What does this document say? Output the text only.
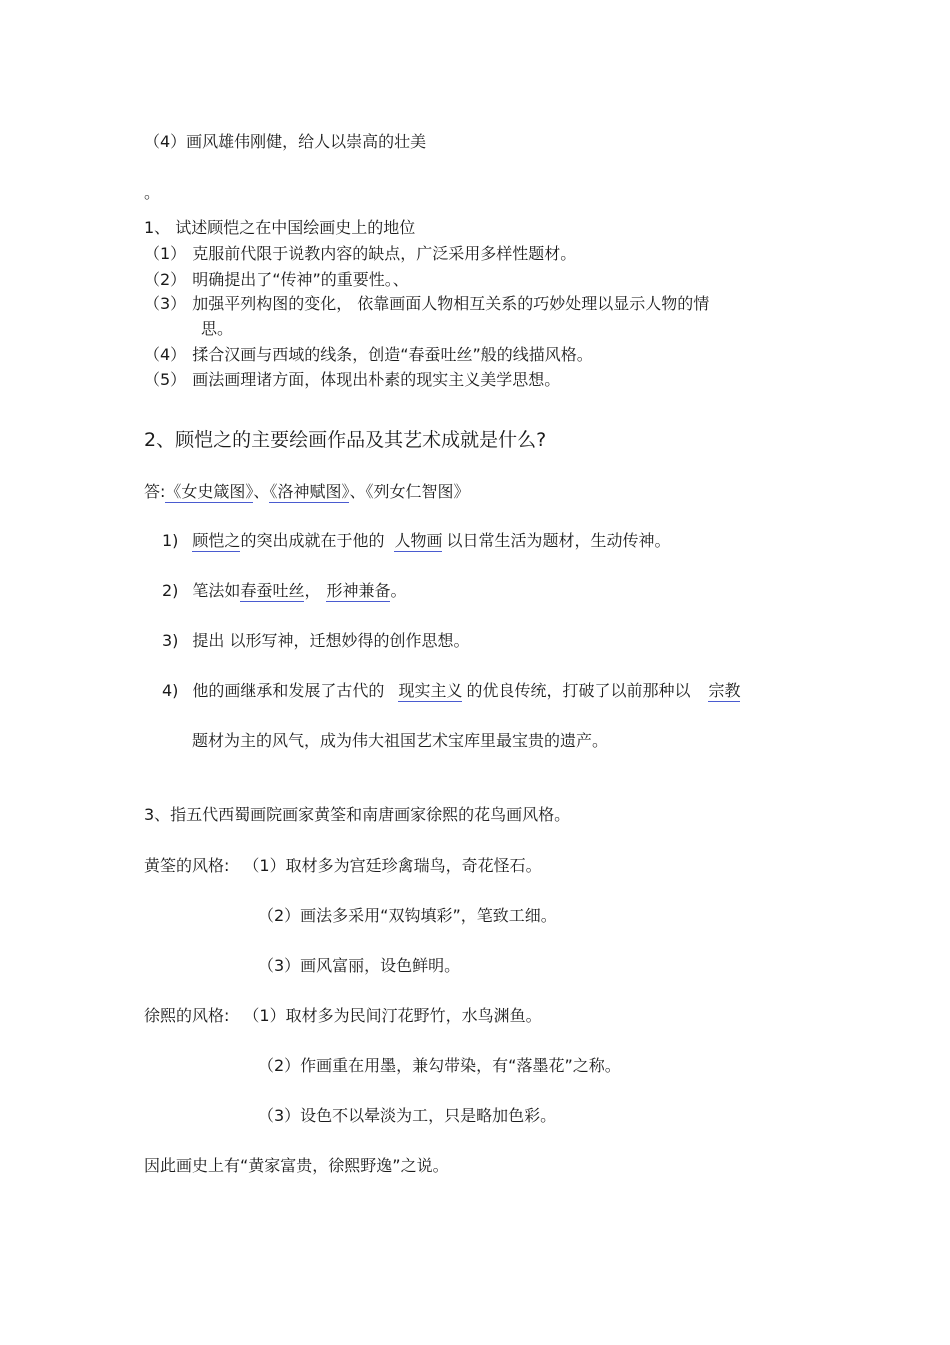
（4）画风雄伟刚健，给人以崇高的壮美
。
1、 试述顾恺之在中国绘画史上的地位
（1） 克服前代限于说教内容的缺点，广泛采用多样性题材。
（2） 明确提出了“传神”的重要性。、
（3） 加强平列构图的变化， 依靠画面人物相互关系的巧妙处理以显示人物的情
思。
（4） 揉合汉画与西域的线条，创造“春蚕吐丝”般的线描风格。
（5） 画法画理诸方面，体现出朴素的现实主义美学思想。
2、顾恺之的主要绘画作品及其艺术成就是什么?
答:《女史箴图》、《洛神赋图》、《列女仁智图》
1) 顾恺之的突出成就在于他的 人物画 以日常生活为题材，生动传神。
2) 笔法如春蚕吐丝， 形神兼备。
3) 提出 以形写神，迁想妙得的创作思想。
4) 他的画继承和发展了古代的 现实主义 的优良传统，打破了以前那种以 宗教
题材为主的风气，成为伟大祖国艺术宝库里最宝贵的遗产。
3、指五代西蜀画院画家黄筌和南唐画家徐熙的花鸟画风格。
黄筌的风格: （1）取材多为宫廷珍禽瑞鸟，奇花怪石。
（2）画法多采用“双钩填彩”，笔致工细。
（3）画风富丽，设色鲜明。
徐熙的风格: （1）取材多为民间汀花野竹，水鸟渊鱼。
（2）作画重在用墨，兼勾带染，有“落墨花”之称。
（3）设色不以晕淡为工，只是略加色彩。
因此画史上有“黄家富贵，徐熙野逸”之说。
